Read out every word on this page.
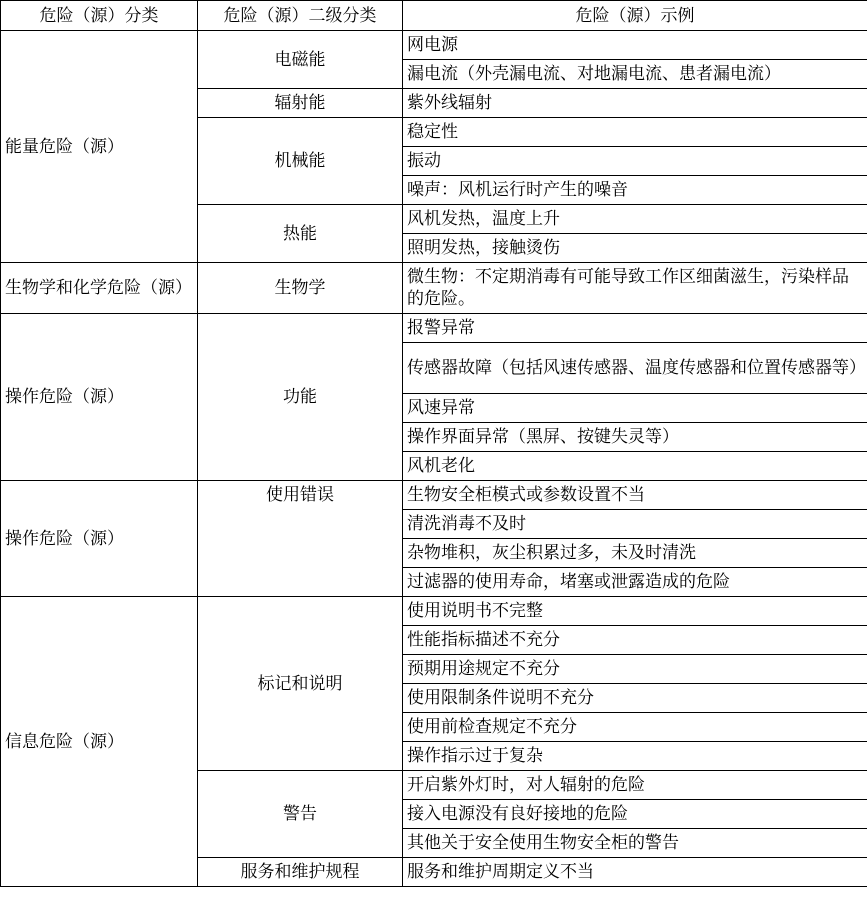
危险（源）分类	危险（源）二级分类	危险（源）示例
能量危险（源）	电磁能	网电源
		漏电流（外壳漏电流、对地漏电流、患者漏电流）
	辐射能	紫外线辐射
	机械能	稳定性
		振动
		噪声：风机运行时产生的噪音
	热能	风机发热，温度上升
		照明发热，接触烫伤
生物学和化学危险（源）	生物学	微生物：不定期消毒有可能导致工作区细菌滋生，污染样品的危险。
操作危险（源）	功能	报警异常
		传感器故障（包括风速传感器、温度传感器和位置传感器等）
		风速异常
		操作界面异常（黑屏、按键失灵等）
		风机老化
操作危险（源）	使用错误	生物安全柜模式或参数设置不当
		清洗消毒不及时
		杂物堆积，灰尘积累过多，未及时清洗
		过滤器的使用寿命，堵塞或泄露造成的危险
信息危险（源）	标记和说明	使用说明书不完整
		性能指标描述不充分
		预期用途规定不充分
		使用限制条件说明不充分
		使用前检查规定不充分
		操作指示过于复杂
	警告	开启紫外灯时，对人辐射的危险
		接入电源没有良好接地的危险
		其他关于安全使用生物安全柜的警告
	服务和维护规程	服务和维护周期定义不当
